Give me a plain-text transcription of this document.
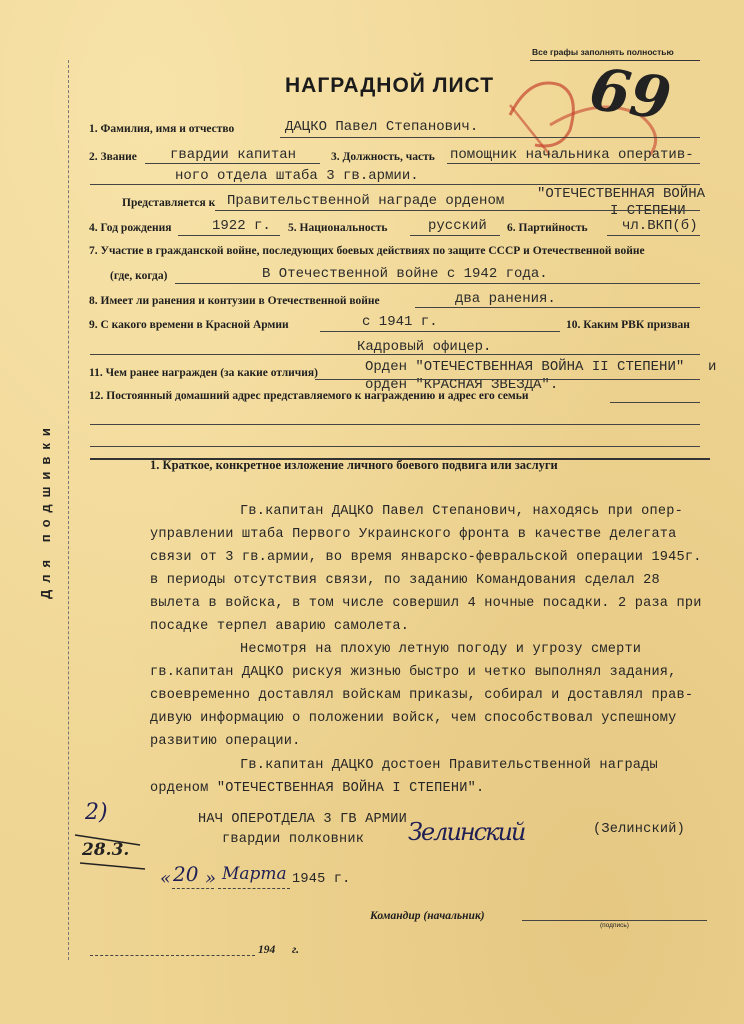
Все графы заполнять полностью
НАГРАДНОЙ ЛИСТ 69
1. Фамилия, имя и отчество	ДАЦКО Павел Степанович.
2. Звание гвардии капитан	3. Должность, часть помощник начальника оператив-
ного отдела штаба 3 гв.армии.
Представляется к Правительственной награде орденом "ОТЕЧЕСТВЕННАЯ ВОЙНА
I СТЕПЕНИ
4. Год рождения	1922 г. 5. Национальность	русский 6. Партийность чл.ВКП(б)
7. Участие в гражданской войне, последующих боевых действиях по защите СССР и Отечественной войне
(где, когда)	В Отечественной войне с 1942 года.
8. Имеет ли ранения и контузии в Отечественной войне	два ранения.
9. С какого времени в Красной Армии	с 1941 г.	10. Каким РВК призван
Кадровый офицер.
11. Чем ранее награжден (за какие отличия)	Орден "ОТЕЧЕСТВЕННАЯ ВОЙНА II СТЕПЕНИ" и
орден "КРАСНАЯ ЗВЕЗДА".
12. Постоянный домашний адрес представляемого к награждению и адрес его семьи
Для подшивки	1. Краткое, конкретное изложение личного боевого подвига или заслуги
Гв.капитан ДАЦКО Павел Степанович, находясь при опер-
управлении штаба Первого Украинского фронта в качестве делегата
связи от 3 гв.армии, во время январско-февральской операции 1945г.
в периоды отсутствия связи, по заданию Командования сделал 28
вылета в войска, в том числе совершил 4 ночные посадки. 2 раза при
посадке терпел аварию самолета.
Несмотря на плохую летную погоду и угрозу смерти
гв.капитан ДАЦКО рискуя жизнью быстро и четко выполнял задания,
своевременно доставлял войскам приказы, собирал и доставлял прав-
дивую информацию о положении войск, чем способствовал успешному
развитию операции.
Гв.капитан ДАЦКО достоен Правительственной награды
орденом "ОТЕЧЕСТВЕННАЯ ВОЙНА I СТЕПЕНИ".
НАЧ ОПЕРОТДЕЛА 3 ГВ АРМИИ
гвардии полковник Зелинский	(Зелинский)
« 20 » Марта 1945 г.
2)
28.3.
Командир (начальник)
(подпись)
194 г.
